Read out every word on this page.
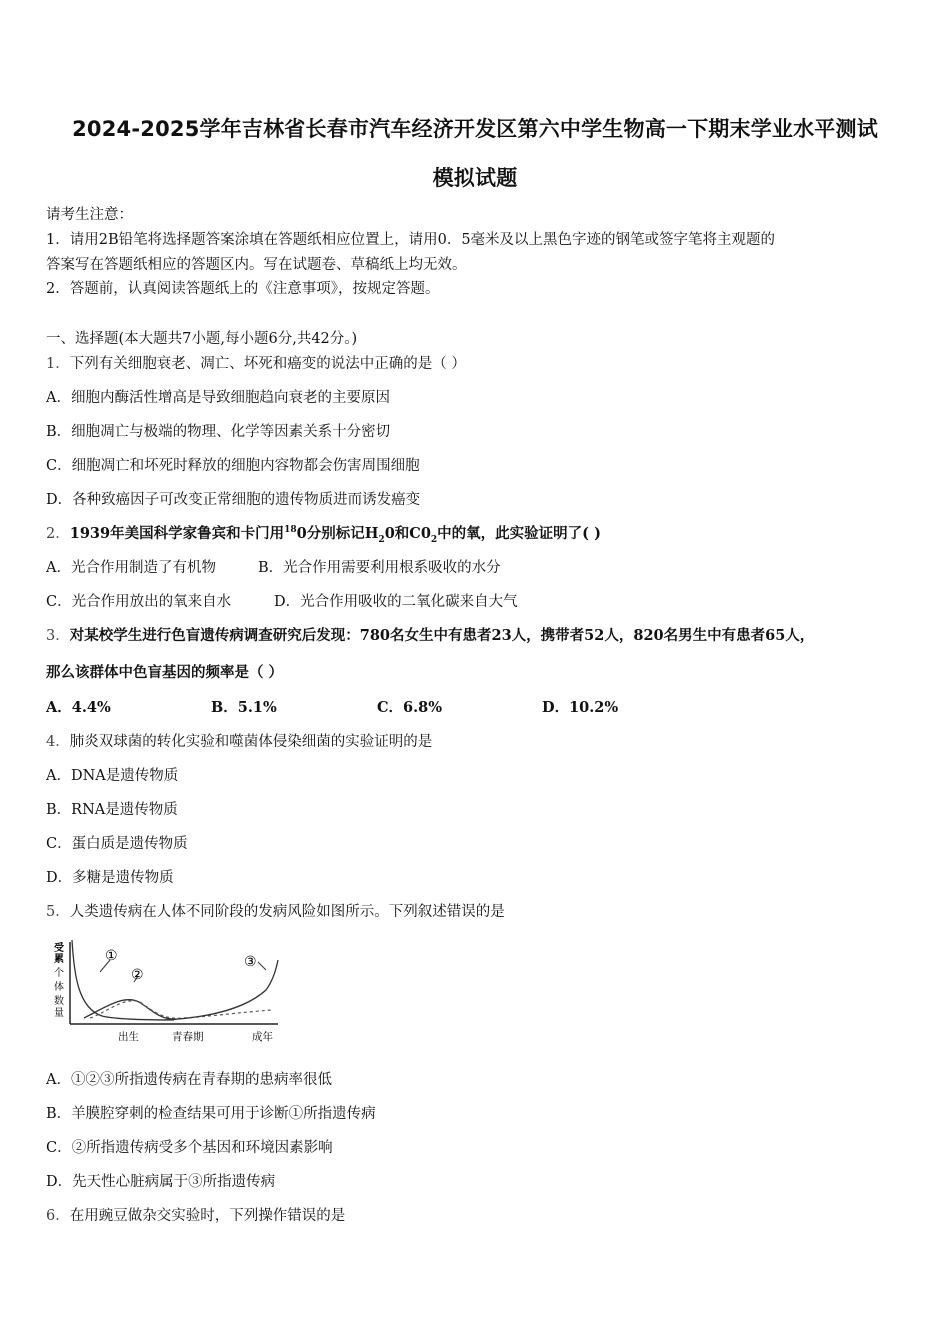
2024-2025学年吉林省长春市汽车经济开发区第六中学生物高一下期末学业水平测试
模拟试题
请考生注意：
1．请用2B铅笔将选择题答案涂填在答题纸相应位置上，请用0．5毫米及以上黑色字迹的钢笔或签字笔将主观题的
答案写在答题纸相应的答题区内。写在试题卷、草稿纸上均无效。
2．答题前，认真阅读答题纸上的《注意事项》，按规定答题。
一、选择题(本大题共7小题,每小题6分,共42分。)
1．下列有关细胞衰老、凋亡、坏死和癌变的说法中正确的是（ ）
A．细胞内酶活性增高是导致细胞趋向衰老的主要原因
B．细胞凋亡与极端的物理、化学等因素关系十分密切
C．细胞凋亡和坏死时释放的细胞内容物都会伤害周围细胞
D．各种致癌因子可改变正常细胞的遗传物质进而诱发癌变
2．1939年美国科学家鲁宾和卡门用$^{18}$0分别标记$H_20$和$C0_2$中的氧，此实验证明了( )
A．光合作用制造了有机物	B．光合作用需要利用根系吸收的水分
C．光合作用放出的氧来自水	D．光合作用吸收的二氧化碳来自大气
3．对某校学生进行色盲遗传病调查研究后发现：780名女生中有患者23人，携带者52人，820名男生中有患者65人，
那么该群体中色盲基因的频率是（ ）
A．4.4%	B．5.1%	C．6.8%	D．10.2%
4．肺炎双球菌的转化实验和噬菌体侵染细菌的实验证明的是
A．DNA是遗传物质
B．RNA是遗传物质
C．蛋白质是遗传物质
D．多糖是遗传物质
5．人类遗传病在人体不同阶段的发病风险如图所示。下列叙述错误的是
受
累
个
体
数
量
①
②
③
出生	青春期	成年
A．①②③所指遗传病在青春期的患病率很低
B．羊膜腔穿刺的检查结果可用于诊断①所指遗传病
C．②所指遗传病受多个基因和环境因素影响
D．先天性心脏病属于③所指遗传病
6．在用豌豆做杂交实验时，下列操作错误的是
